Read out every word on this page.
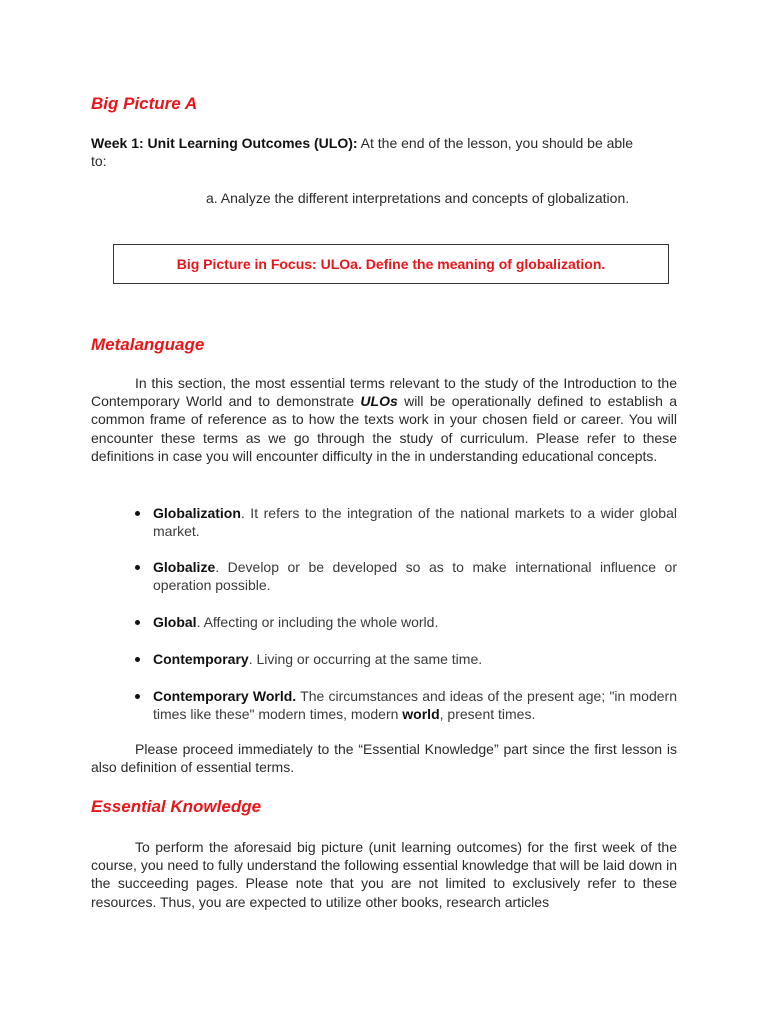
Big Picture A

Week 1: Unit Learning Outcomes (ULO): At the end of the lesson, you should be able
to:

a. Analyze the different interpretations and concepts of globalization.

Big Picture in Focus: ULOa. Define the meaning of globalization.
Metalanguage

In this section, the most essential terms relevant to the study of the Introduction to the Contemporary World and to demonstrate ULOs will be operationally defined to establish a common frame of reference as to how the texts work in your chosen field or career. You will encounter these terms as we go through the study of curriculum. Please refer to these definitions in case you will encounter difficulty in the in understanding educational concepts.

Globalization. It refers to the integration of the national markets to a wider global market.
Globalize. Develop or be developed so as to make international influence or operation possible.
Global. Affecting or including the whole world.
Contemporary. Living or occurring at the same time.
Contemporary World. The circumstances and ideas of the present age; "in modern times like these" modern times, modern world, present times.

Please proceed immediately to the “Essential Knowledge” part since the first lesson is also definition of essential terms.

Essential Knowledge

To perform the aforesaid big picture (unit learning outcomes) for the first week of the course, you need to fully understand the following essential knowledge that will be laid down in the succeeding pages. Please note that you are not limited to exclusively refer to these resources. Thus, you are expected to utilize other books, research articles
